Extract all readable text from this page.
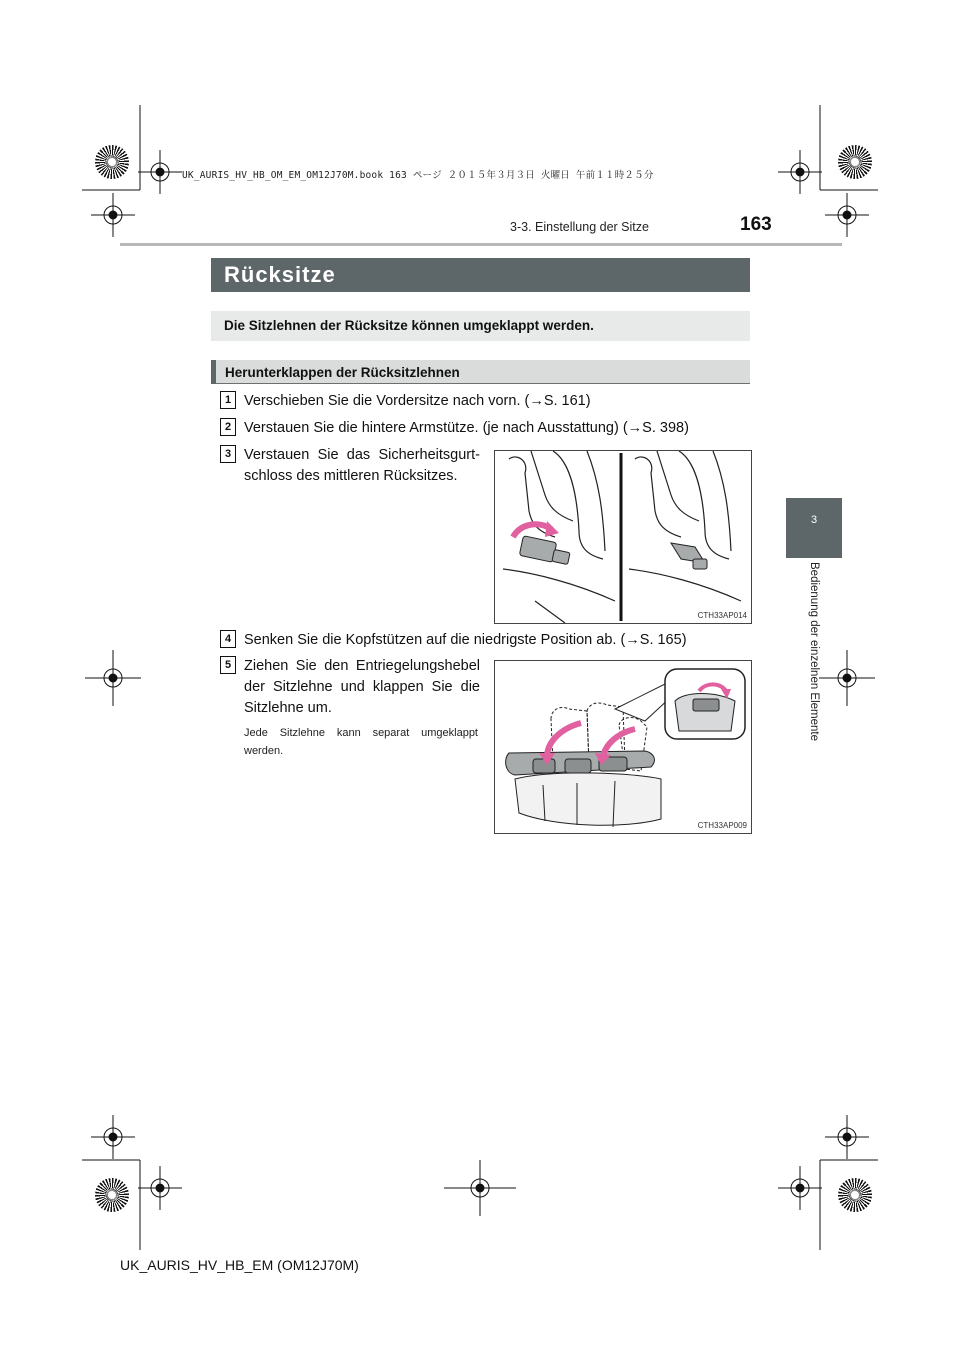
UK_AURIS_HV_HB_OM_EM_OM12J70M.book 163 ページ ２０１５年３月３日 火曜日 午前１１時２５分
3-3. Einstellung der Sitze	163
3
Bedienung der einzelnen Elemente
Rücksitze
Die Sitzlehnen der Rücksitze können umgeklappt werden.
Herunterklappen der Rücksitzlehnen
1 Verschieben Sie die Vordersitze nach vorn. (→S. 161)
2 Verstauen Sie die hintere Armstütze. (je nach Ausstattung) (→S. 398)
3 Verstauen Sie das Sicherheitsgurtschloss des mittleren Rücksitzes.
CTH33AP014
4 Senken Sie die Kopfstützen auf die niedrigste Position ab. (→S. 165)
5 Ziehen Sie den Entriegelungshebel der Sitzlehne und klappen Sie die Sitzlehne um.
Jede Sitzlehne kann separat umgeklappt werden.
CTH33AP009
UK_AURIS_HV_HB_EM (OM12J70M)
